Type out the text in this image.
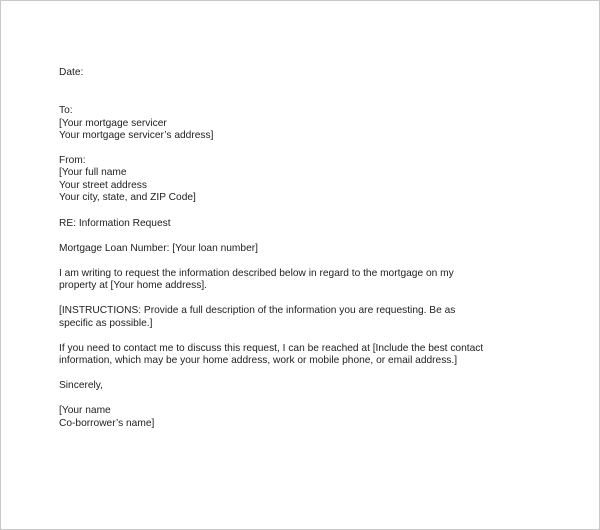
Date:
To:
[Your mortgage servicer
Your mortgage servicer’s address]
From:
[Your full name
Your street address
Your city, state, and ZIP Code]
RE: Information Request
Mortgage Loan Number: [Your loan number]
I am writing to request the information described below in regard to the mortgage on my
property at [Your home address].
[INSTRUCTIONS: Provide a full description of the information you are requesting. Be as
specific as possible.]
If you need to contact me to discuss this request, I can be reached at [Include the best contact
information, which may be your home address, work or mobile phone, or email address.]
Sincerely,
[Your name
Co-borrower’s name]
